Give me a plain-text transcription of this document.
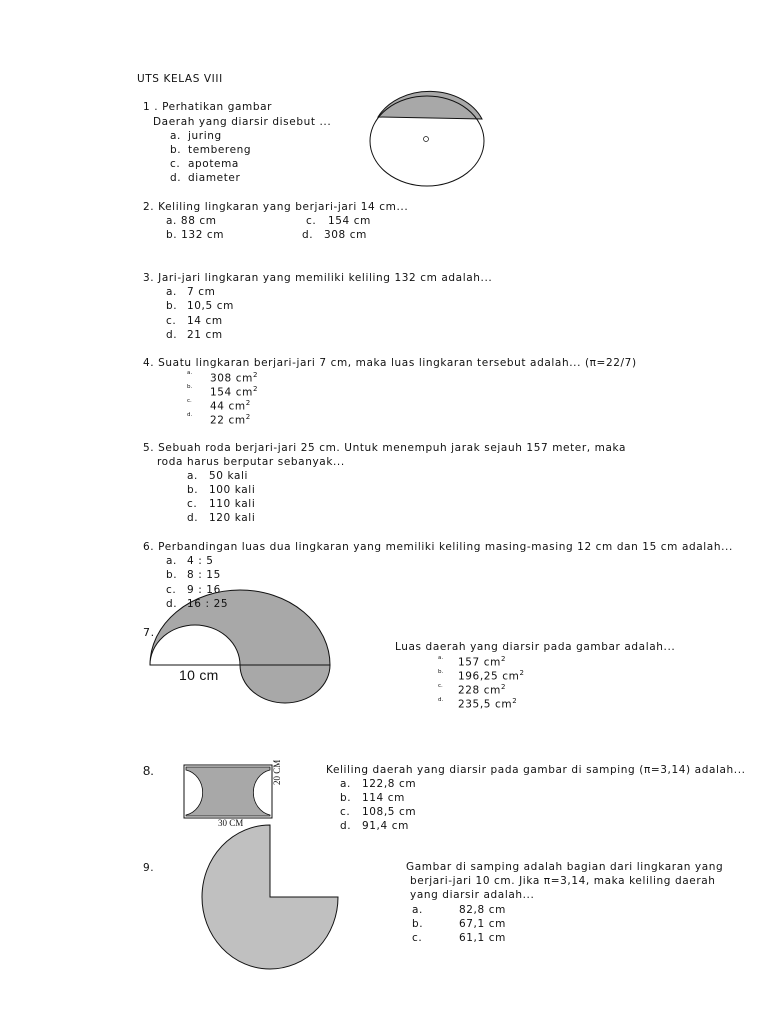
UTS KELAS VIII
1 . Perhatikan gambar
Daerah yang diarsir disebut ...
a. juring
b. tembereng
c. apotema
d. diameter
2. Keliling lingkaran yang berjari-jari 14 cm...
a. 88 cm
b. 132 cm
c. 154 cm
d. 308 cm
3. Jari-jari lingkaran yang memiliki keliling 132 cm adalah...
a. 7 cm
b. 10,5 cm
c. 14 cm
d. 21 cm
4. Suatu lingkaran berjari-jari 7 cm, maka luas lingkaran tersebut adalah... (π=22/7)
a. 308 $cm^2$
b. 154 $cm^2$
c. 44 $cm^2$
d. 22 $cm^2$
5. Sebuah roda berjari-jari 25 cm. Untuk menempuh jarak sejauh 157 meter, maka
roda harus berputar sebanyak...
a. 50 kali
b. 100 kali
c. 110 kali
d. 120 kali
6. Perbandingan luas dua lingkaran yang memiliki keliling masing-masing 12 cm dan 15 cm adalah...
a. 4 : 5
b. 8 : 15
c. 9 : 16
d. 16 : 25
7.
10 cm
Luas daerah yang diarsir pada gambar adalah...
a. 157 $cm^2$
b. 196,25 $cm^2$
c. 228 $cm^2$
d. 235,5 $cm^2$
8.
30 CM
20 CM	Keliling daerah yang diarsir pada gambar di samping (π=3,14) adalah...
a. 122,8 cm
b. 114 cm
c. 108,5 cm
d. 91,4 cm
9.	Gambar di samping adalah bagian dari lingkaran yang
berjari-jari 10 cm. Jika π=3,14, maka keliling daerah
yang diarsir adalah...
a.	82,8 cm
b.	67,1 cm
c.	61,1 cm
